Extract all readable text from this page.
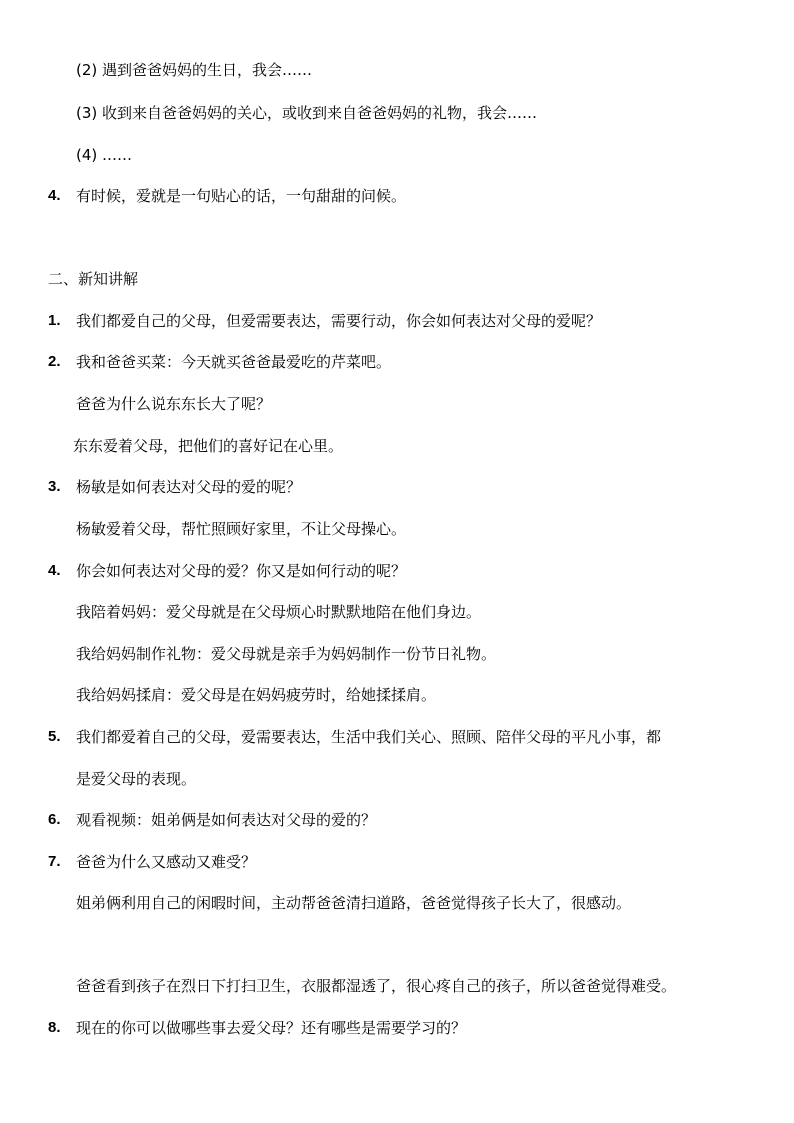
(2) 遇到爸爸妈妈的生日，我会……
(3) 收到来自爸爸妈妈的关心，或收到来自爸爸妈妈的礼物，我会……
(4) ……
4. 有时候，爱就是一句贴心的话，一句甜甜的问候。
二、新知讲解
1. 我们都爱自己的父母，但爱需要表达，需要行动，你会如何表达对父母的爱呢？
2. 我和爸爸买菜：今天就买爸爸最爱吃的芹菜吧。
爸爸为什么说东东长大了呢？
东东爱着父母，把他们的喜好记在心里。
3. 杨敏是如何表达对父母的爱的呢？
杨敏爱着父母，帮忙照顾好家里，不让父母操心。
4. 你会如何表达对父母的爱？你又是如何行动的呢？
我陪着妈妈：爱父母就是在父母烦心时默默地陪在他们身边。
我给妈妈制作礼物：爱父母就是亲手为妈妈制作一份节日礼物。
我给妈妈揉肩：爱父母是在妈妈疲劳时，给她揉揉肩。
5. 我们都爱着自己的父母，爱需要表达，生活中我们关心、照顾、陪伴父母的平凡小事，都
是爱父母的表现。
6. 观看视频：姐弟俩是如何表达对父母的爱的？
7. 爸爸为什么又感动又难受？
姐弟俩利用自己的闲暇时间，主动帮爸爸清扫道路，爸爸觉得孩子长大了，很感动。
爸爸看到孩子在烈日下打扫卫生，衣服都湿透了，很心疼自己的孩子，所以爸爸觉得难受。
8. 现在的你可以做哪些事去爱父母？还有哪些是需要学习的？
